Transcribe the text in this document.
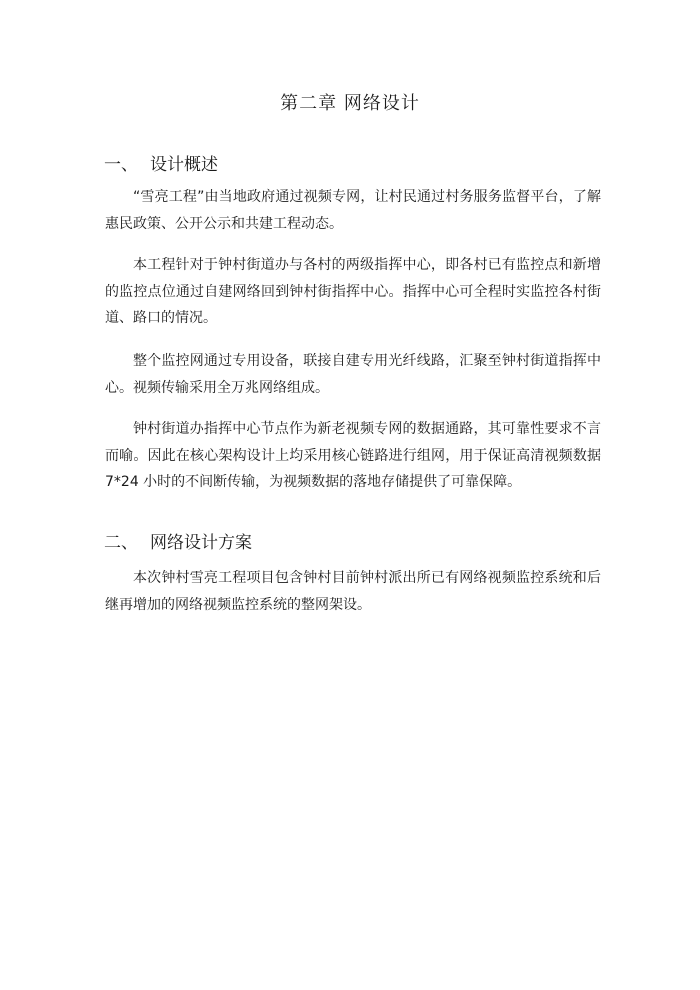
第二章 网络设计
一、 设计概述

“雪亮工程”由当地政府通过视频专网，让村民通过村务服务监督平台，了解惠民政策、公开公示和共建工程动态。

本工程针对于钟村街道办与各村的两级指挥中心，即各村已有监控点和新增的监控点位通过自建网络回到钟村街指挥中心。指挥中心可全程时实监控各村街道、路口的情况。

整个监控网通过专用设备，联接自建专用光纤线路，汇聚至钟村街道指挥中心。视频传输采用全万兆网络组成。

钟村街道办指挥中心节点作为新老视频专网的数据通路，其可靠性要求不言而喻。因此在核心架构设计上均采用核心链路进行组网，用于保证高清视频数据7*24 小时的不间断传输，为视频数据的落地存储提供了可靠保障。

二、 网络设计方案

本次钟村雪亮工程项目包含钟村目前钟村派出所已有网络视频监控系统和后继再增加的网络视频监控系统的整网架设。
